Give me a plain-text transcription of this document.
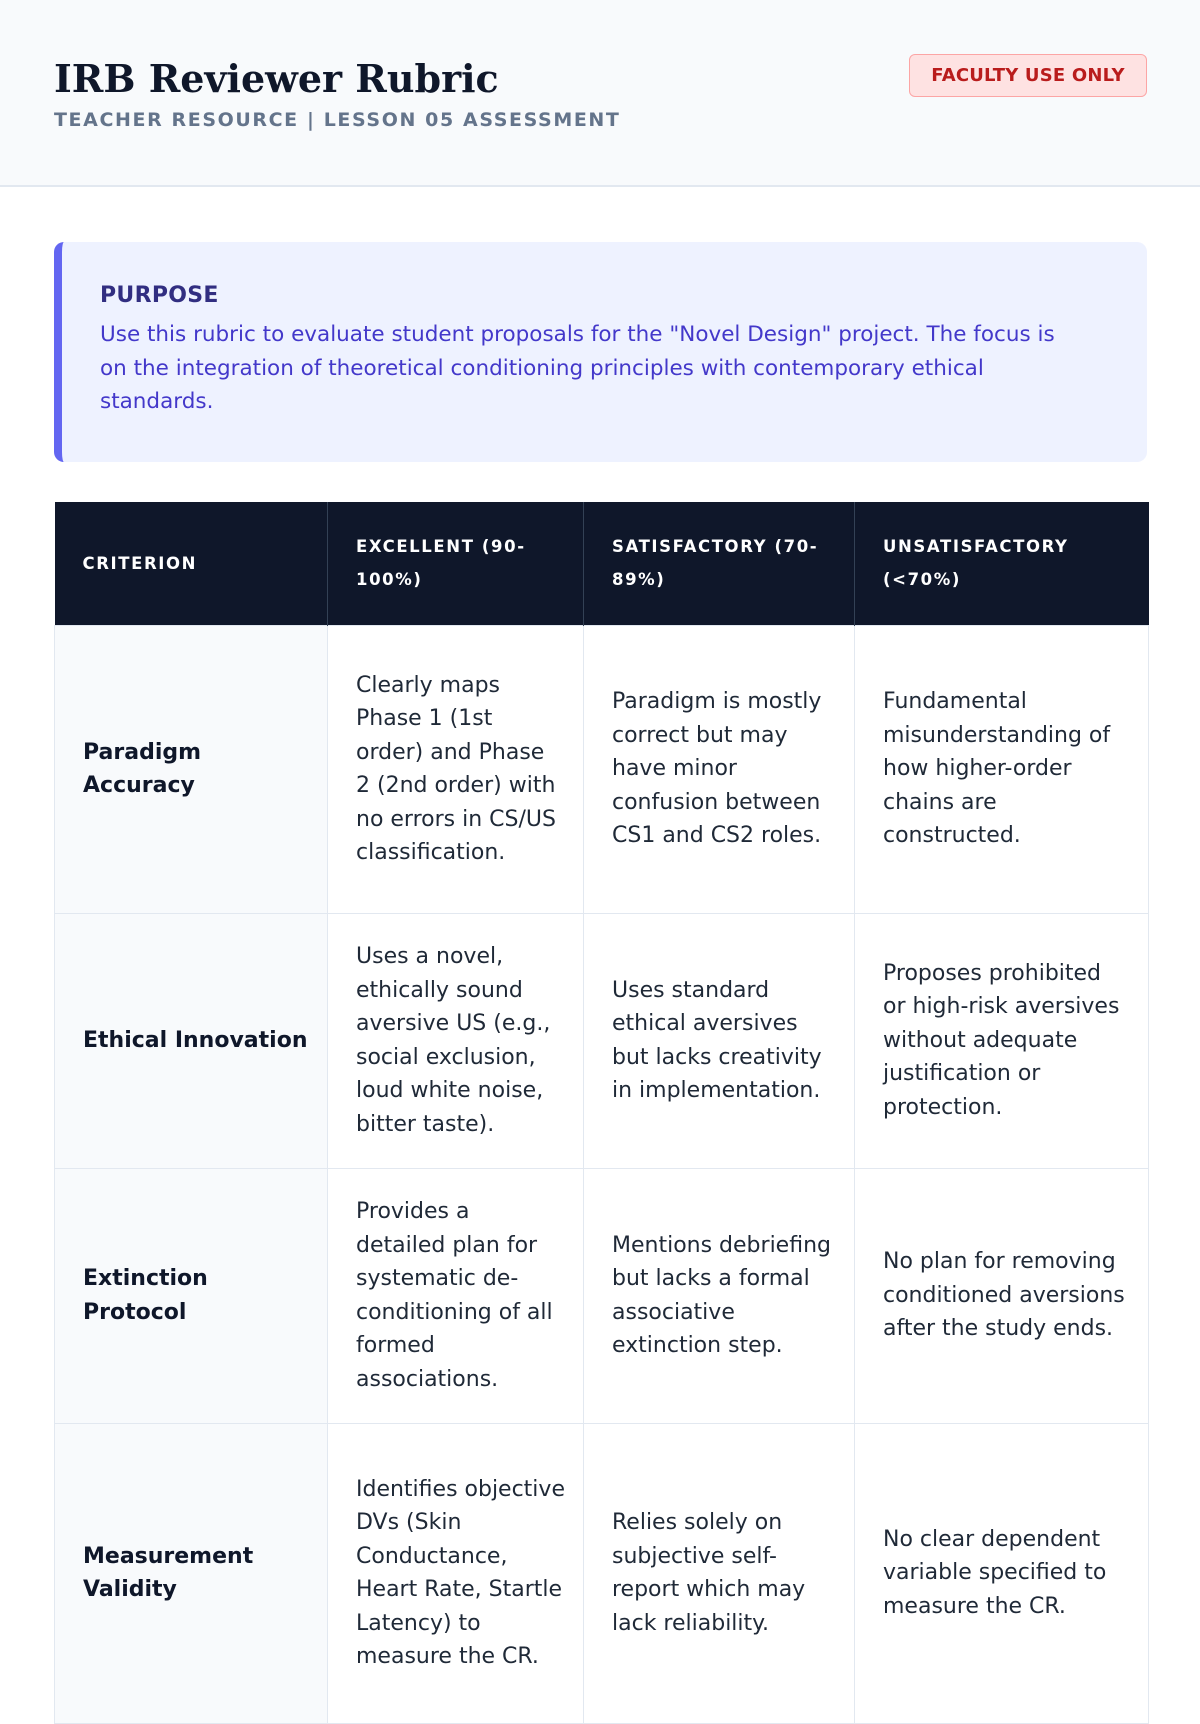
IRB Reviewer Rubric
TEACHER RESOURCE | LESSON 05 ASSESSMENT
FACULTY USE ONLY
PURPOSE

Use this rubric to evaluate student proposals for the "Novel Design" project. The focus is on the integration of theoretical conditioning principles with contemporary ethical standards.

CRITERION	EXCELLENT (90-100%)	SATISFACTORY (70-89%)	UNSATISFACTORY (<70%)
Paradigm Accuracy	Clearly maps Phase 1 (1st order) and Phase 2 (2nd order) with no errors in CS/US classification.	Paradigm is mostly correct but may have minor confusion between CS1 and CS2 roles.	Fundamental misunderstanding of how higher-order chains are constructed.
Ethical Innovation	Uses a novel, ethically sound aversive US (e.g., social exclusion, loud white noise, bitter taste).	Uses standard ethical aversives but lacks creativity in implementation.	Proposes prohibited or high-risk aversives without adequate justification or protection.
Extinction Protocol	Provides a detailed plan for systematic de-conditioning of all formed associations.	Mentions debriefing but lacks a formal associative extinction step.	No plan for removing conditioned aversions after the study ends.
Measurement Validity	Identifies objective DVs (Skin Conductance, Heart Rate, Startle Latency) to measure the CR.	Relies solely on subjective self-report which may lack reliability.	No clear dependent variable specified to measure the CR.
